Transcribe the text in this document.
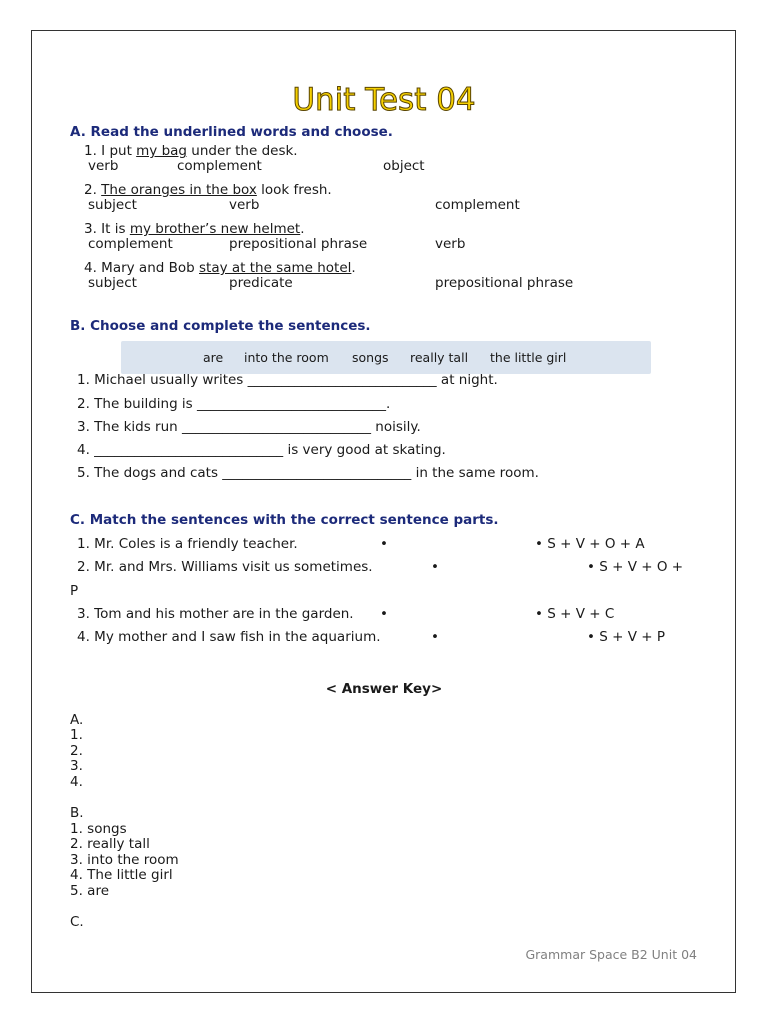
Unit Test 04
A. Read the underlined words and choose.
1. I put my bag under the desk.
verb	complement	object
2. The oranges in the box look fresh.
subject	verb	complement
3. It is my brother’s new helmet.
complement	prepositional phrase	verb
4. Mary and Bob stay at the same hotel.
subject	predicate	prepositional phrase
B. Choose and complete the sentences.
are into the room songs really tall the little girl
1. Michael usually writes ____________________________ at night.
2. The building is ____________________________.
3. The kids run ____________________________ noisily.
4. ____________________________ is very good at skating.
5. The dogs and cats ____________________________ in the same room.
C. Match the sentences with the correct sentence parts.
1. Mr. Coles is a friendly teacher.	•	• S + V + O + A
2. Mr. and Mrs. Williams visit us sometimes.	•	• S + V + O +
P
3. Tom and his mother are in the garden. •	• S + V + C
4. My mother and I saw fish in the aquarium.	•	• S + V + P
< Answer Key>
A.
1.
2.
3.
4.
B.
1. songs
2. really tall
3. into the room
4. The little girl
5. are
C.
Grammar Space B2 Unit 04
